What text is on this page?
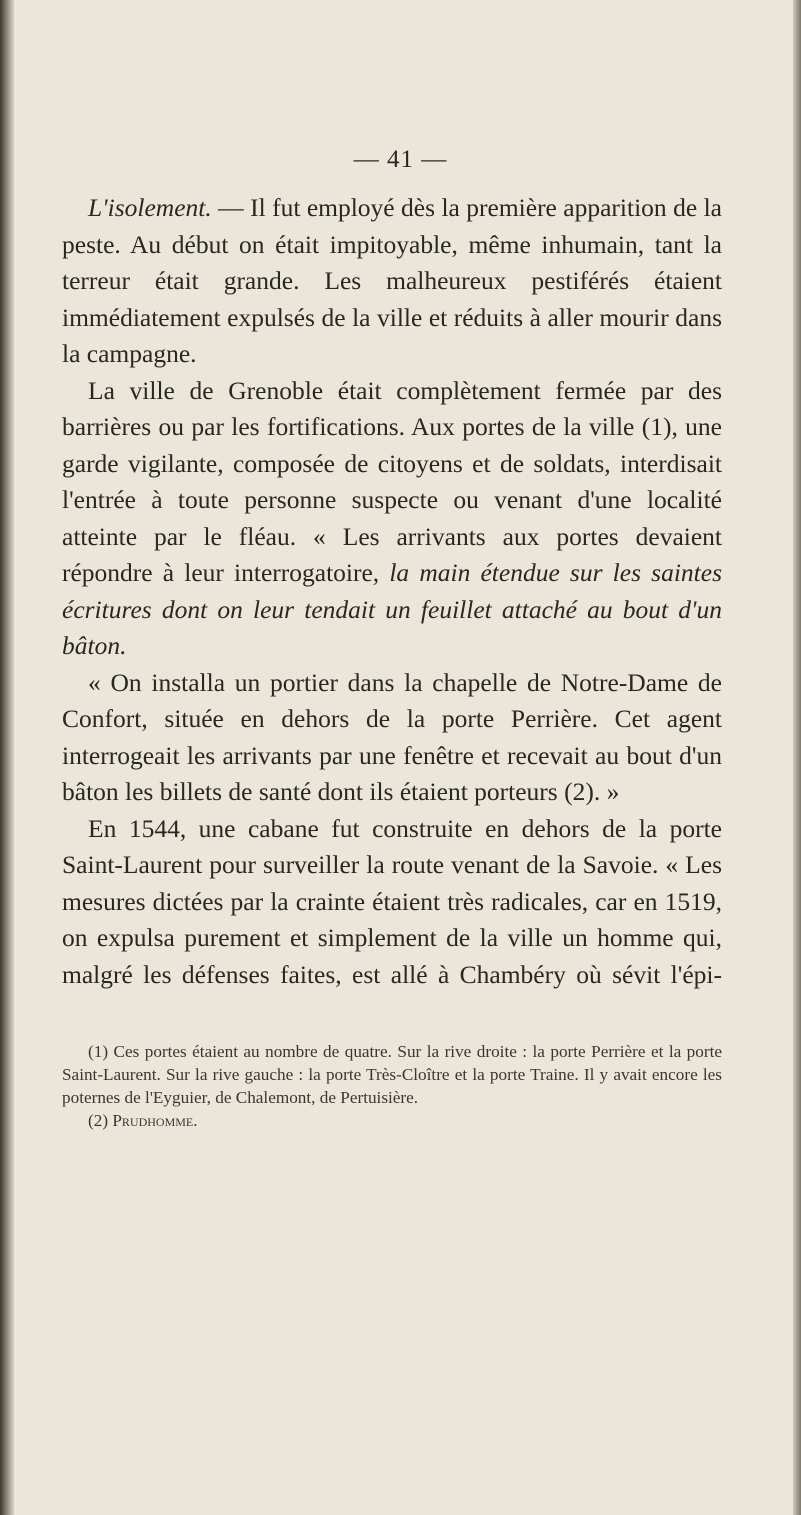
— 41 —

L'isolement. — Il fut employé dès la première apparition de la peste. Au début on était impitoyable, même inhumain, tant la terreur était grande. Les malheureux pestiférés étaient immédiatement expulsés de la ville et réduits à aller mourir dans la campagne.

La ville de Grenoble était complètement fermée par des barrières ou par les fortifications. Aux portes de la ville (1), une garde vigilante, composée de citoyens et de soldats, interdisait l'entrée à toute personne suspecte ou venant d'une localité atteinte par le fléau. « Les arrivants aux portes devaient répondre à leur interrogatoire, la main étendue sur les saintes écritures dont on leur tendait un feuillet attaché au bout d'un bâton.

« On installa un portier dans la chapelle de Notre-Dame de Confort, située en dehors de la porte Perrière. Cet agent interrogeait les arrivants par une fenêtre et recevait au bout d'un bâton les billets de santé dont ils étaient porteurs (2). »

En 1544, une cabane fut construite en dehors de la porte Saint-Laurent pour surveiller la route venant de la Savoie. « Les mesures dictées par la crainte étaient très radicales, car en 1519, on expulsa purement et simplement de la ville un homme qui, malgré les défenses faites, est allé à Chambéry où sévit l'épi-

(1) Ces portes étaient au nombre de quatre. Sur la rive droite : la porte Perrière et la porte Saint-Laurent. Sur la rive gauche : la porte Très-Cloître et la porte Traine. Il y avait encore les poternes de l'Eyguier, de Chalemont, de Pertuisière.

(2) Prudhomme.
